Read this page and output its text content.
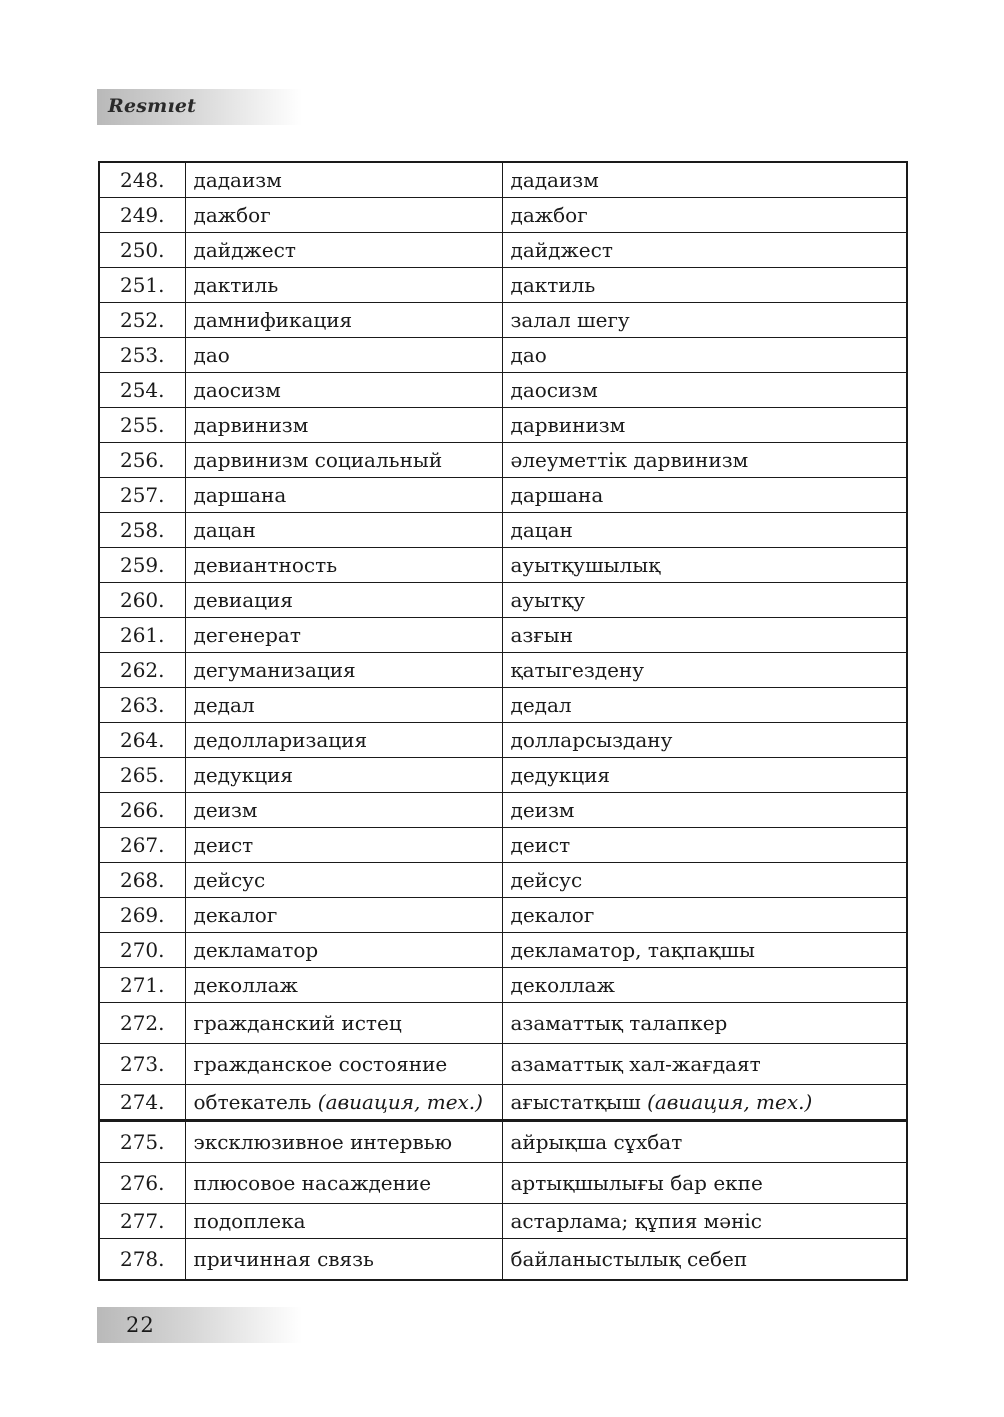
Resmıet
248.	дадаизм	дадаизм
249.	дажбог	дажбог
250.	дайджест	дайджест
251.	дактиль	дактиль
252.	дамнификация	залал шегу
253.	дао	дао
254.	даосизм	даосизм
255.	дарвинизм	дарвинизм
256.	дарвинизм социальный	әлеуметтік дарвинизм
257.	даршана	даршана
258.	дацан	дацан
259.	девиантность	ауытқушылық
260.	девиация	ауытқу
261.	дегенерат	азғын
262.	дегуманизация	қатыгездену
263.	дедал	дедал
264.	дедолларизация	долларсыздану
265.	дедукция	дедукция
266.	деизм	деизм
267.	деист	деист
268.	дейсус	дейсус
269.	декалог	декалог
270.	декламатор	декламатор, тақпақшы
271.	деколлаж	деколлаж
272.	гражданский истец	азаматтық талапкер
273.	гражданское состояние	азаматтық хал-жағдаят
274.	обтекатель (авиация, тех.)	ағыстатқыш (авиация, тех.)
275.	эксклюзивное интервью	айрықша сұхбат
276.	плюсовое насаждение	артықшылығы бар екпе
277.	подоплека	астарлама; құпия мәніс
278.	причинная связь	байланыстылық себеп
22
